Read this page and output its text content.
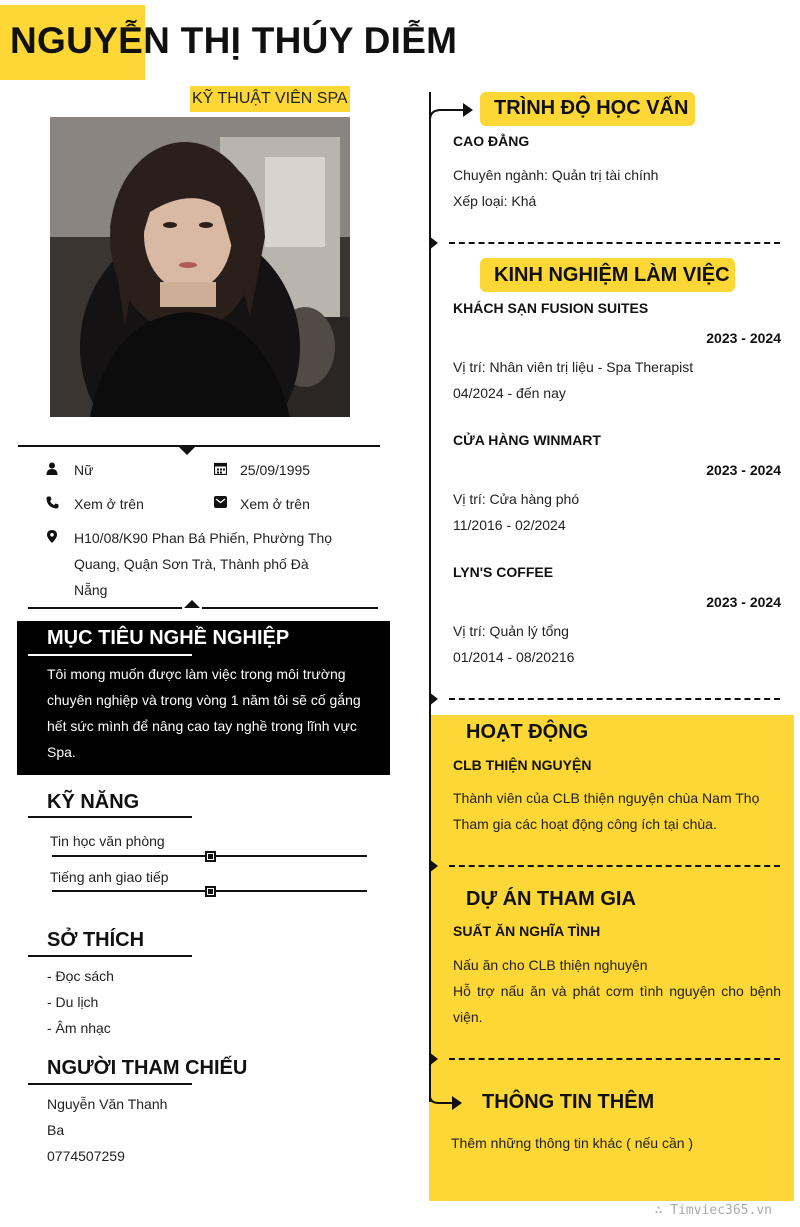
NGUYỄN THỊ THÚY DIỄM
KỸ THUẬT VIÊN SPA
Nữ	25/09/1995
Xem ở trên	Xem ở trên
H10/08/K90 Phan Bá Phiến, Phường Thọ
Quang, Quận Sơn Trà, Thành phố Đà
Nẵng
MỤC TIÊU NGHỀ NGHIỆP
Tôi mong muốn được làm việc trong môi trường
chuyên nghiệp và trong vòng 1 năm tôi sẽ cố gắng
hết sức mình để nâng cao tay nghề trong lĩnh vực
Spa.
KỸ NĂNG
Tin học văn phòng
Tiếng anh giao tiếp
SỞ THÍCH
- Đọc sách
- Du lịch
- Âm nhạc
NGƯỜI THAM CHIẾU
Nguyễn Văn Thanh
Ba
0774507259
TRÌNH ĐỘ HỌC VẤN
CAO ĐẲNG
Chuyên ngành: Quản trị tài chính
Xếp loại: Khá
KINH NGHIỆM LÀM VIỆC
KHÁCH SẠN FUSION SUITES
2023 - 2024
Vị trí: Nhân viên trị liệu - Spa Therapist
04/2024 - đến nay
CỬA HÀNG WINMART
2023 - 2024
Vị trí: Cửa hàng phó
11/2016 - 02/2024
LYN'S COFFEE
2023 - 2024
Vị trí: Quản lý tổng
01/2014 - 08/20216
HOẠT ĐỘNG
CLB THIỆN NGUYỆN
Thành viên của CLB thiện nguyện chùa Nam Thọ
Tham gia các hoạt động công ích tại chùa.
DỰ ÁN THAM GIA
SUẤT ĂN NGHĨA TÌNH
Nấu ăn cho CLB thiện nghuyện
Hỗ trợ nấu ăn và phát cơm tình nguyện cho bệnh viện.
THÔNG TIN THÊM
Thêm những thông tin khác ( nếu cần )
∴ Timviec365.vn
